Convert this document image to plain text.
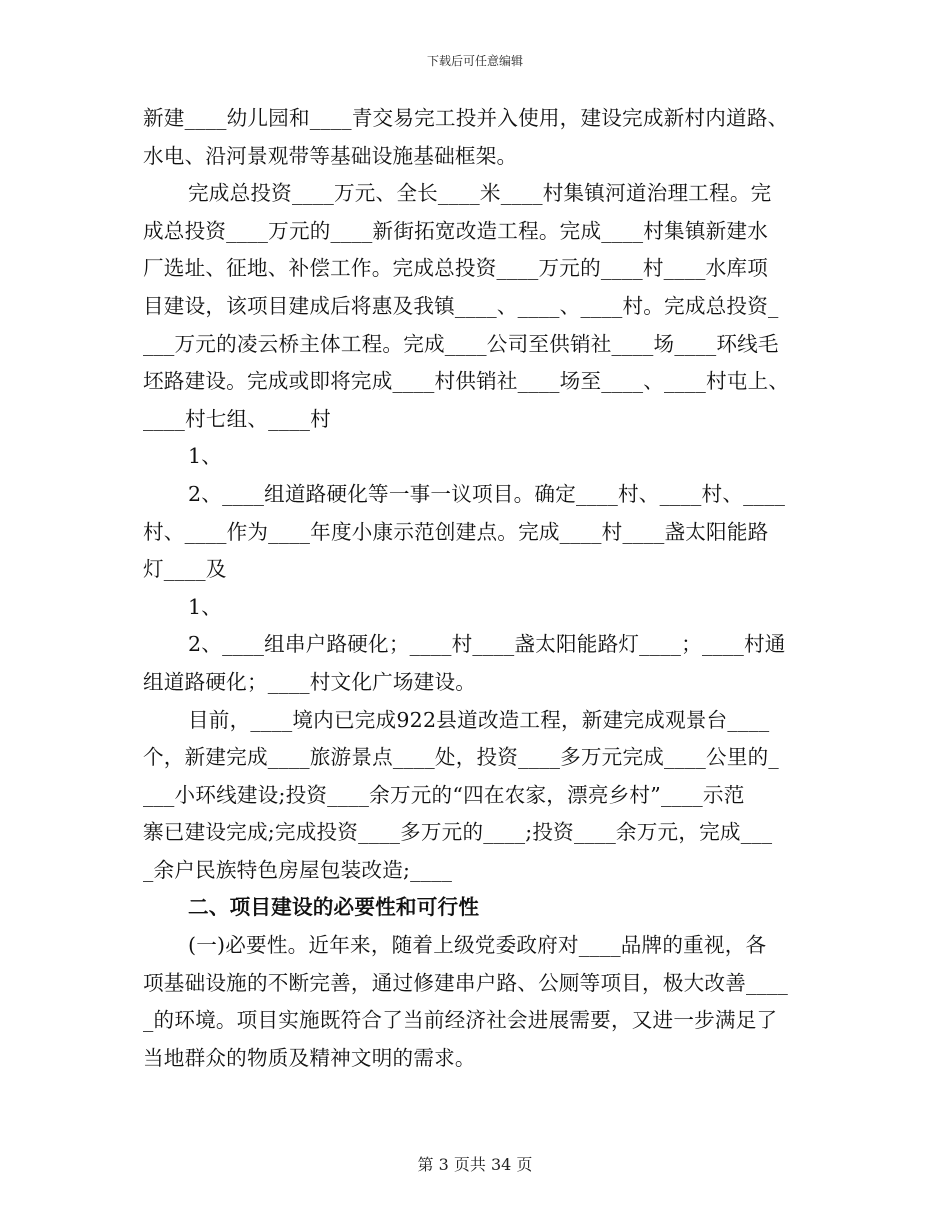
下载后可任意编辑
新建____幼儿园和____青交易完工投并入使用，建设完成新村内道路、
水电、沿河景观带等基础设施基础框架。
完成总投资____万元、全长____米____村集镇河道治理工程。完
成总投资____万元的____新街拓宽改造工程。完成____村集镇新建水
厂选址、征地、补偿工作。完成总投资____万元的____村____水库项
目建设，该项目建成后将惠及我镇____、____、____村。完成总投资_
___万元的凌云桥主体工程。完成____公司至供销社____场____环线毛
坯路建设。完成或即将完成____村供销社____场至____、____村屯上、
____村七组、____村
1、
2、____组道路硬化等一事一议项目。确定____村、____村、____
村、____作为____年度小康示范创建点。完成____村____盏太阳能路
灯____及
1、
2、____组串户路硬化；____村____盏太阳能路灯____；____村通
组道路硬化；____村文化广场建设。
目前，____境内已完成922县道改造工程，新建完成观景台____
个，新建完成____旅游景点____处，投资____多万元完成____公里的_
___小环线建设;投资____余万元的“四在农家，漂亮乡村”____示范
寨已建设完成;完成投资____多万元的____;投资____余万元，完成___
_余户民族特色房屋包装改造;____
二、项目建设的必要性和可行性
(一)必要性。近年来，随着上级党委政府对____品牌的重视，各
项基础设施的不断完善，通过修建串户路、公厕等项目，极大改善____
_的环境。项目实施既符合了当前经济社会进展需要，又进一步满足了
当地群众的物质及精神文明的需求。
第 3 页共 34 页
